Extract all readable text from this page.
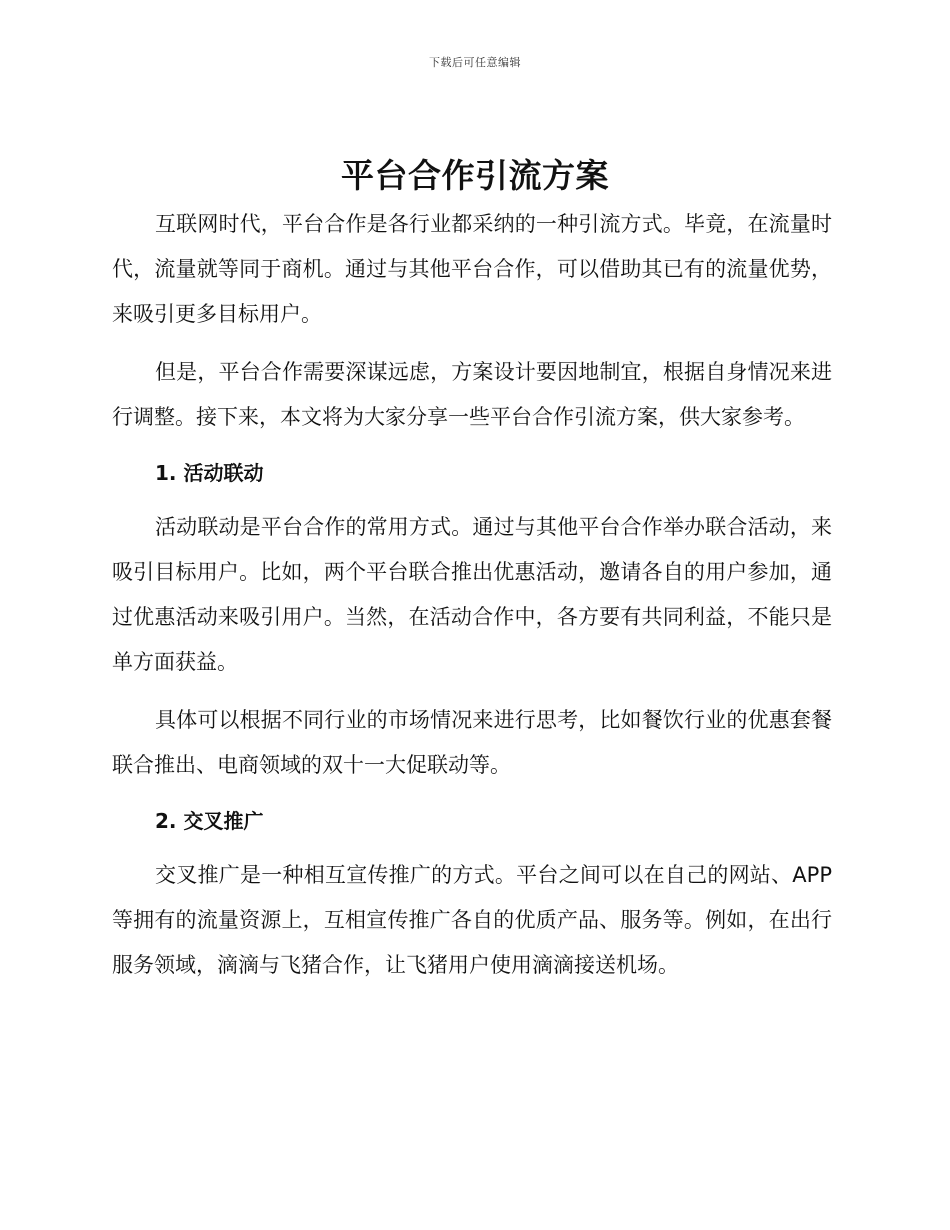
下载后可任意编辑
平台合作引流方案

互联网时代，平台合作是各行业都采纳的一种引流方式。毕竟，在流量时代，流量就等同于商机。通过与其他平台合作，可以借助其已有的流量优势，来吸引更多目标用户。

但是，平台合作需要深谋远虑，方案设计要因地制宜，根据自身情况来进行调整。接下来，本文将为大家分享一些平台合作引流方案，供大家参考。

1. 活动联动

活动联动是平台合作的常用方式。通过与其他平台合作举办联合活动，来吸引目标用户。比如，两个平台联合推出优惠活动，邀请各自的用户参加，通过优惠活动来吸引用户。当然，在活动合作中，各方要有共同利益，不能只是单方面获益。

具体可以根据不同行业的市场情况来进行思考，比如餐饮行业的优惠套餐联合推出、电商领域的双十一大促联动等。

2. 交叉推广

交叉推广是一种相互宣传推广的方式。平台之间可以在自己的网站、APP 等拥有的流量资源上，互相宣传推广各自的优质产品、服务等。例如，在出行服务领域，滴滴与飞猪合作，让飞猪用户使用滴滴接送机场。
